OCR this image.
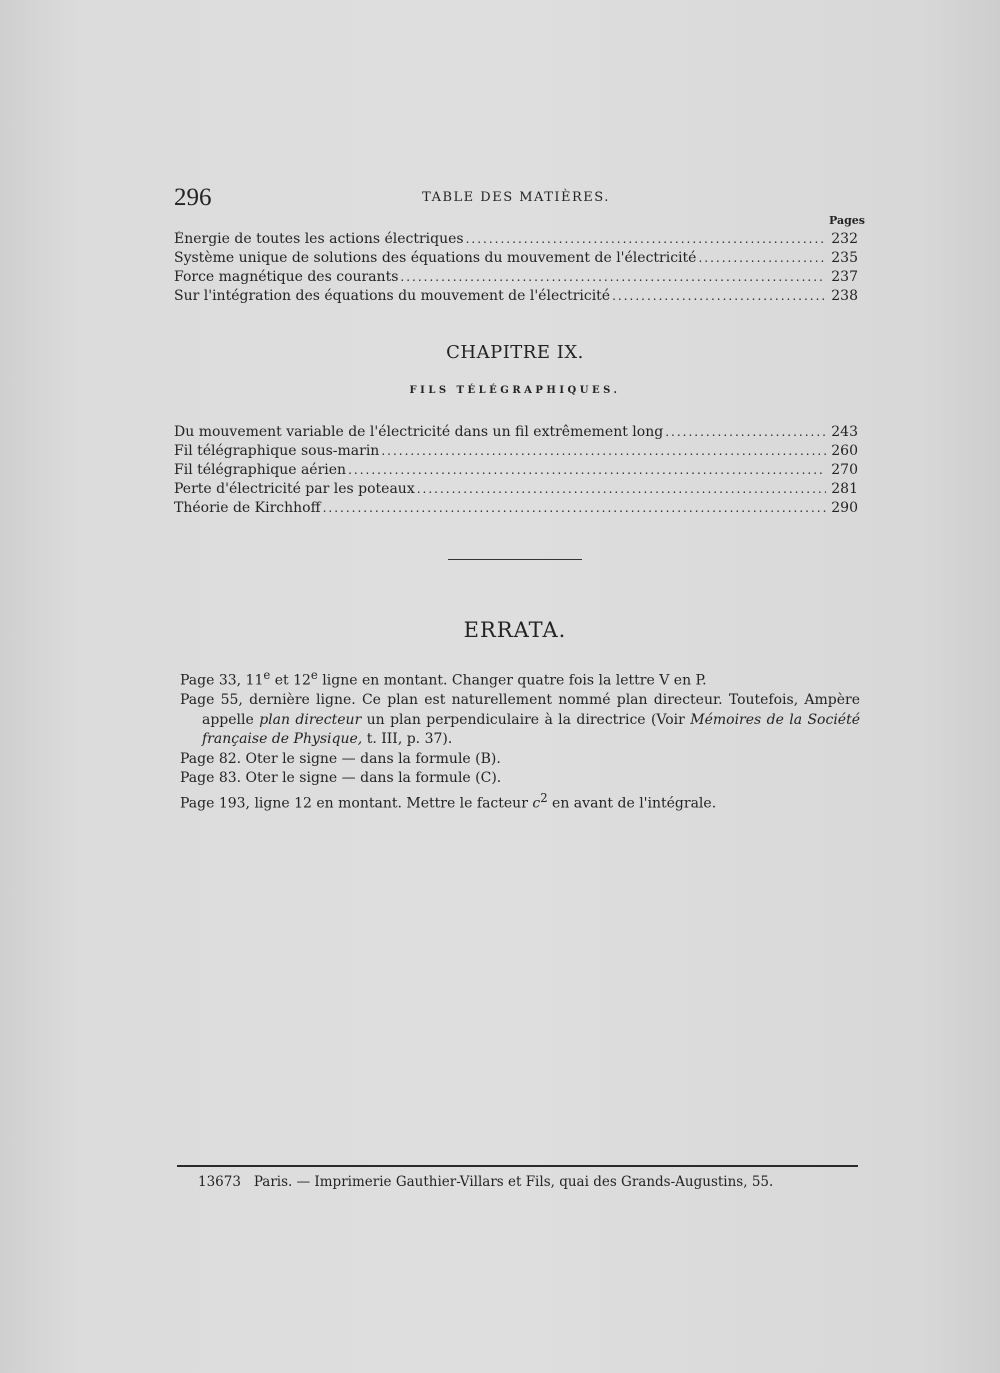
296	TABLE DES MATIÈRES.
Pages
Énergie de toutes les actions électriques .....	232
Système unique de solutions des équations du mouvement de l'électricité .....	235
Force magnétique des courants .....	237
Sur l'intégration des équations du mouvement de l'électricité .....	238
CHAPITRE IX.
FILS TÉLÉGRAPHIQUES.
Du mouvement variable de l'électricité dans un fil extrêmement long .....	243
Fil télégraphique sous-marin .....	260
Fil télégraphique aérien .....	270
Perte d'électricité par les poteaux .....	281
Théorie de Kirchhoff .....	290
ERRATA.
Page 33, 11e et 12e ligne en montant. Changer quatre fois la lettre V en P.
Page 55, dernière ligne. Ce plan est naturellement nommé plan directeur. Toutefois, Ampère appelle plan directeur un plan perpendiculaire à la directrice (Voir Mémoires de la Société française de Physique, t. III, p. 37).
Page 82. Oter le signe — dans la formule (B).
Page 83. Oter le signe — dans la formule (C).
Page 193, ligne 12 en montant. Mettre le facteur $c^2$ en avant de l'intégrale.
13673 Paris. — Imprimerie Gauthier-Villars et Fils, quai des Grands-Augustins, 55.
